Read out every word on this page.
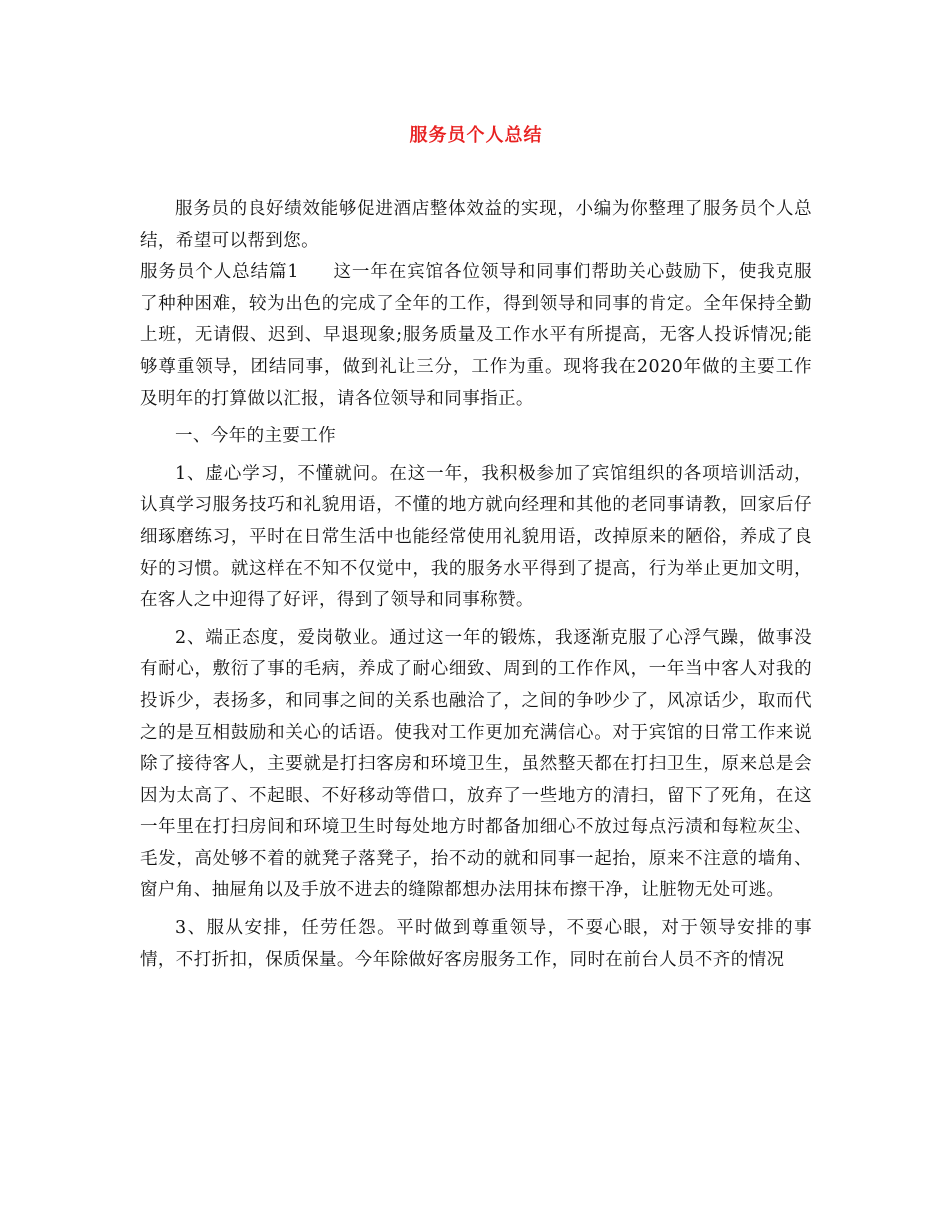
服务员个人总结

服务员的良好绩效能够促进酒店整体效益的实现，小编为你整理了服务员个人总结，希望可以帮到您。

服务员个人总结篇1 这一年在宾馆各位领导和同事们帮助关心鼓励下，使我克服了种种困难，较为出色的完成了全年的工作，得到领导和同事的肯定。全年保持全勤上班，无请假、迟到、早退现象;服务质量及工作水平有所提高，无客人投诉情况;能够尊重领导，团结同事，做到礼让三分，工作为重。现将我在2020年做的主要工作及明年的打算做以汇报，请各位领导和同事指正。

一、今年的主要工作

1、虚心学习，不懂就问。在这一年，我积极参加了宾馆组织的各项培训活动，认真学习服务技巧和礼貌用语，不懂的地方就向经理和其他的老同事请教，回家后仔细琢磨练习，平时在日常生活中也能经常使用礼貌用语，改掉原来的陋俗，养成了良好的习惯。就这样在不知不仅觉中，我的服务水平得到了提高，行为举止更加文明，在客人之中迎得了好评，得到了领导和同事称赞。

2、端正态度，爱岗敬业。通过这一年的锻炼，我逐渐克服了心浮气躁，做事没有耐心，敷衍了事的毛病，养成了耐心细致、周到的工作作风，一年当中客人对我的投诉少，表扬多，和同事之间的关系也融洽了，之间的争吵少了，风凉话少，取而代之的是互相鼓励和关心的话语。使我对工作更加充满信心。对于宾馆的日常工作来说除了接待客人，主要就是打扫客房和环境卫生，虽然整天都在打扫卫生，原来总是会因为太高了、不起眼、不好移动等借口，放弃了一些地方的清扫，留下了死角，在这一年里在打扫房间和环境卫生时每处地方时都备加细心不放过每点污渍和每粒灰尘、毛发，高处够不着的就凳子落凳子，抬不动的就和同事一起抬，原来不注意的墙角、窗户角、抽屉角以及手放不进去的缝隙都想办法用抹布擦干净，让脏物无处可逃。

3、服从安排，任劳任怨。平时做到尊重领导，不耍心眼，对于领导安排的事情，不打折扣，保质保量。今年除做好客房服务工作，同时在前台人员不齐的情况
